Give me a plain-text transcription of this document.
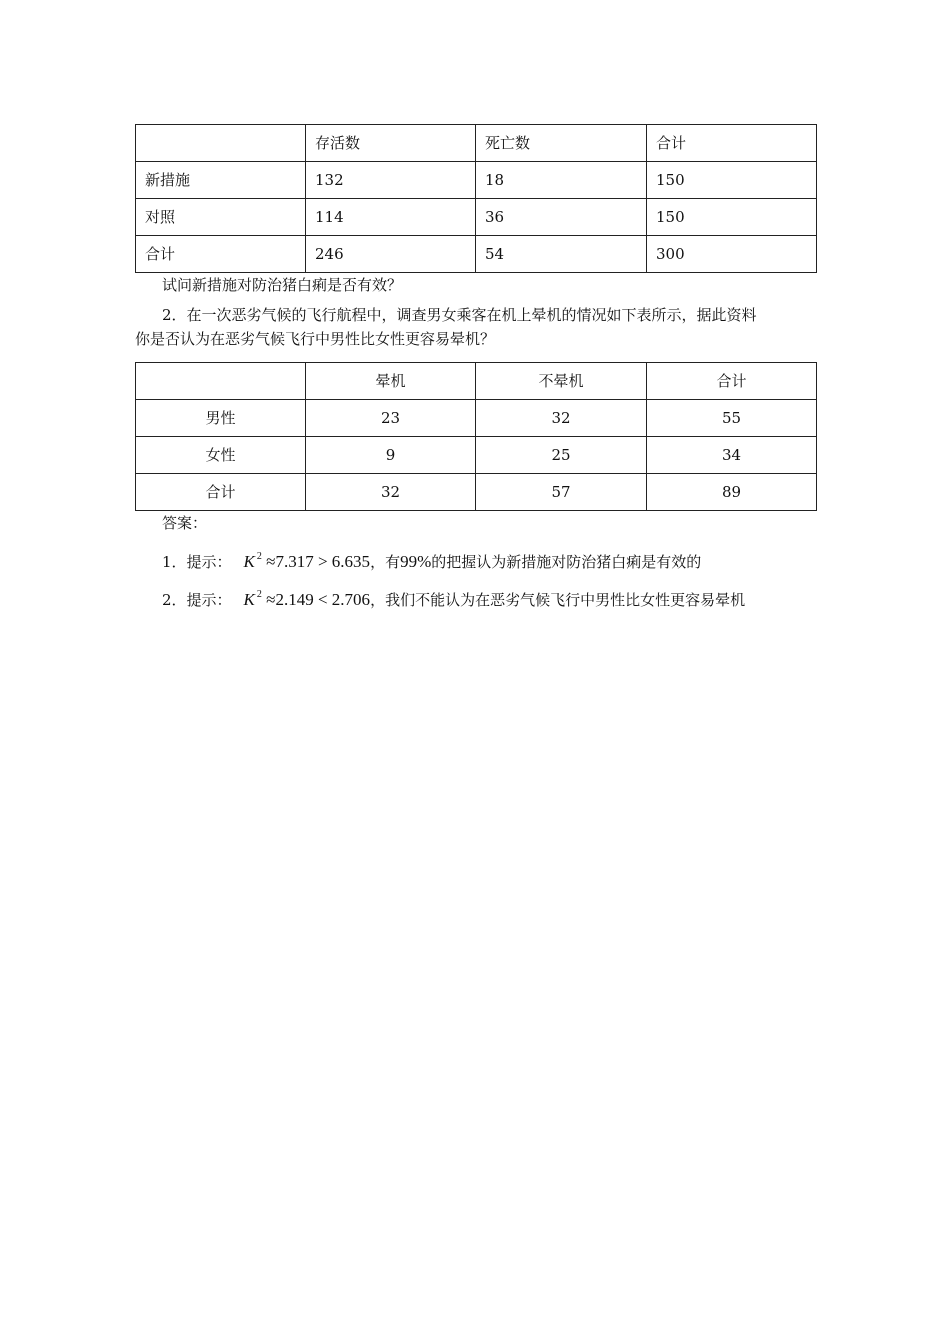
	存活数	死亡数	合计
新措施	132	18	150
对照	114	36	150
合计	246	54	300
试问新措施对防治猪白痢是否有效？
2．在一次恶劣气候的飞行航程中，调查男女乘客在机上晕机的情况如下表所示，据此资料
你是否认为在恶劣气候飞行中男性比女性更容易晕机？
	晕机	不晕机	合计
男性	23	32	55
女性	9	25	34
合计	32	57	89
答案：
1．提示： K $^2$ ≈7.317 > 6.635，有99%的把握认为新措施对防治猪白痢是有效的
2．提示： K $^2$ ≈2.149 < 2.706，我们不能认为在恶劣气候飞行中男性比女性更容易晕机
